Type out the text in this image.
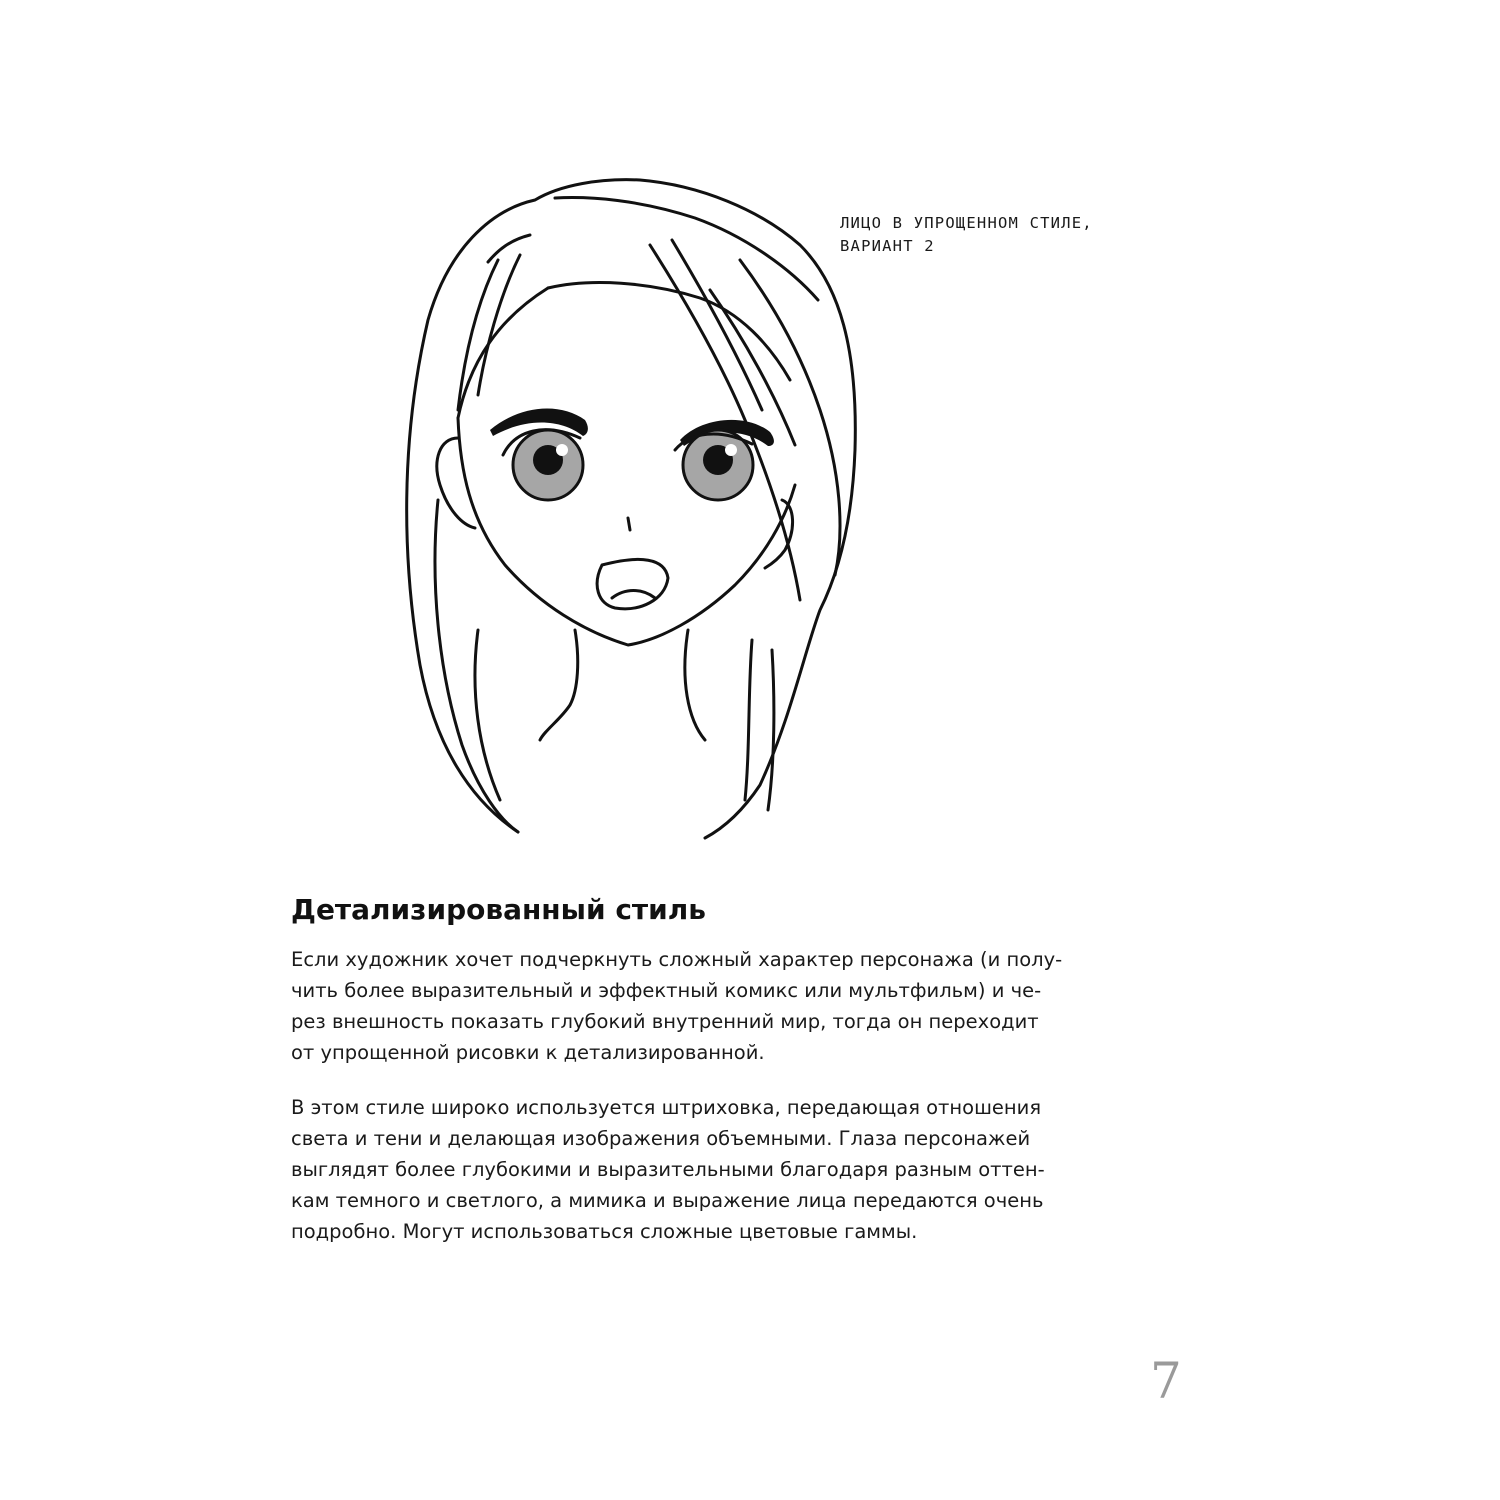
ЛИЦО В УПРОЩЕННОМ СТИЛЕ,
ВАРИАНТ 2
Детализированный стиль

Если художник хочет подчеркнуть сложный характер персонажа (и полу-
чить более выразительный и эффектный комикс или мультфильм) и че-
рез внешность показать глубокий внутренний мир, тогда он переходит
от упрощенной рисовки к детализированной.

В этом стиле широко используется штриховка, передающая отношения
света и тени и делающая изображения объемными. Глаза персонажей
выглядят более глубокими и выразительными благодаря разным оттен-
кам темного и светлого, а мимика и выражение лица передаются очень
подробно. Могут использоваться сложные цветовые гаммы.

7
